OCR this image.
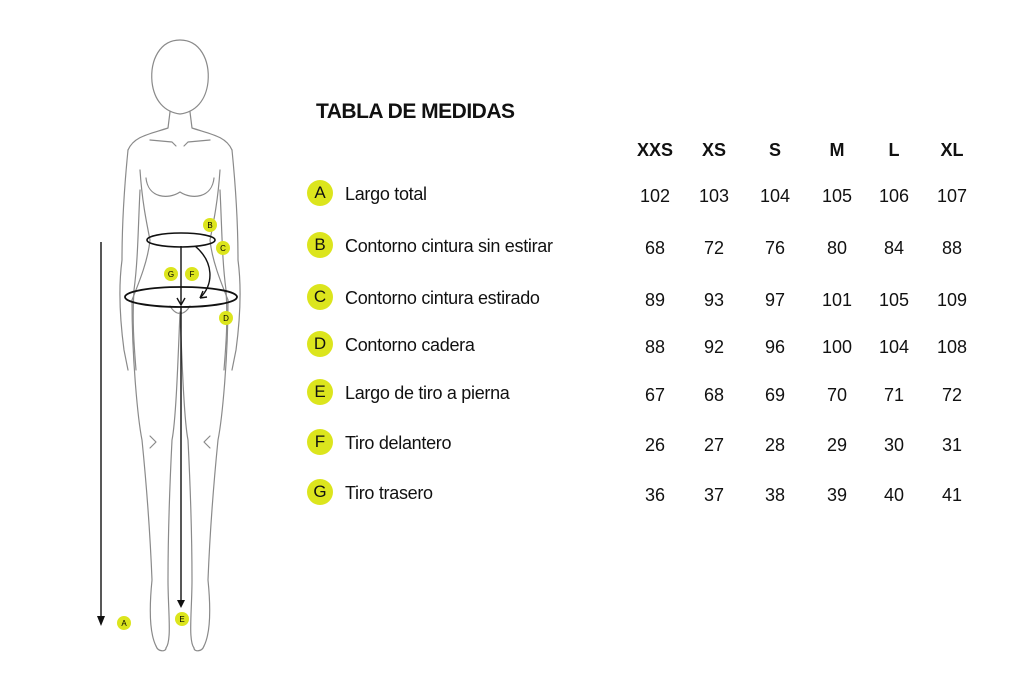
B
C
G F
D
A	E
TABLA DE MEDIDAS
XXS	XS	S	M	L	XL
A	Largo total	102	103	104	105	106	107
B	Contorno cintura sin estirar	68	72	76	80	84	88
C	Contorno cintura estirado	89	93	97	101	105	109
D	Contorno cadera	88	92	96	100	104	108
E	Largo de tiro a pierna	67	68	69	70	71	72
F	Tiro delantero	26	27	28	29	30	31
G	Tiro trasero	36	37	38	39	40	41
